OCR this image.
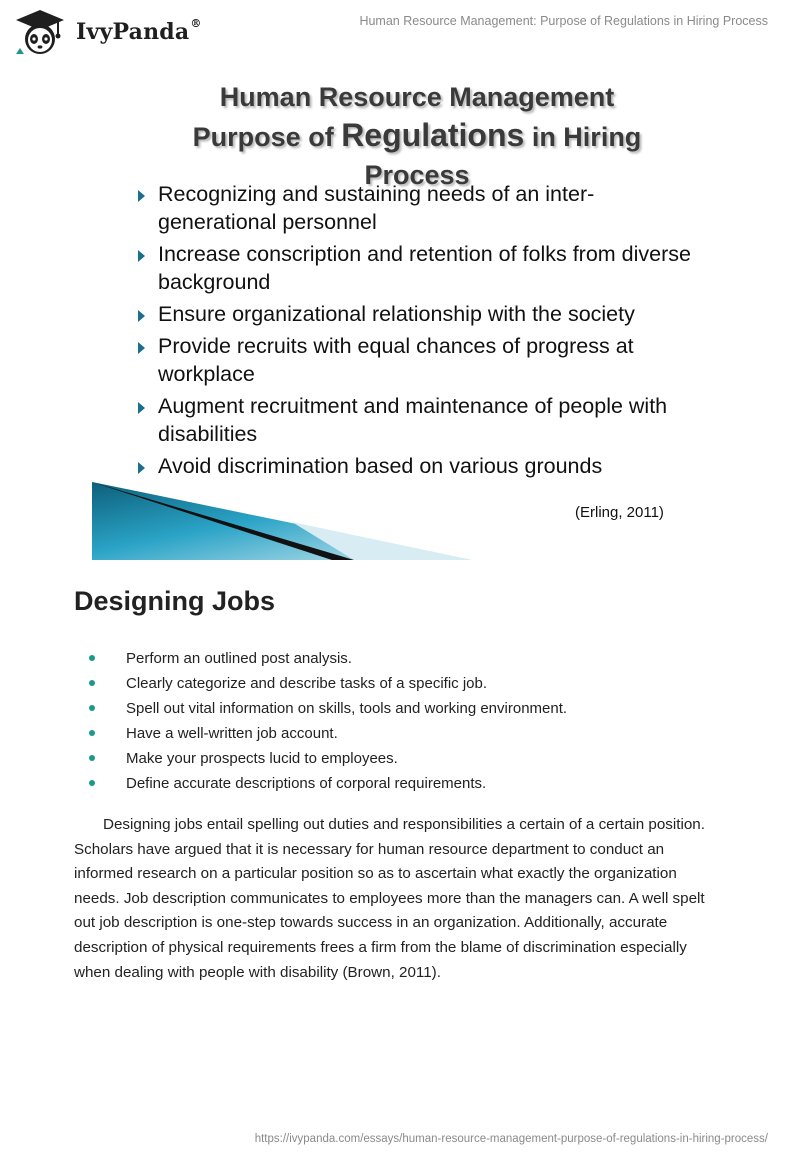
IvyPanda®	Human Resource Management: Purpose of Regulations in Hiring Process
Human Resource Management
Purpose of Regulations in Hiring
Process
Recognizing and sustaining needs of an inter-generational personnel
Increase conscription and retention of folks from diverse background
Ensure organizational relationship with the society
Provide recruits with equal chances of progress at workplace
Augment recruitment and maintenance of people with disabilities
Avoid discrimination based on various grounds
(Erling, 2011)
Designing Jobs
Perform an outlined post analysis.
Clearly categorize and describe tasks of a specific job.
Spell out vital information on skills, tools and working environment.
Have a well-written job account.
Make your prospects lucid to employees.
Define accurate descriptions of corporal requirements.

Designing jobs entail spelling out duties and responsibilities a certain of a certain position. Scholars have argued that it is necessary for human resource department to conduct an informed research on a particular position so as to ascertain what exactly the organization needs. Job description communicates to employees more than the managers can. A well spelt out job description is one-step towards success in an organization. Additionally, accurate description of physical requirements frees a firm from the blame of discrimination especially when dealing with people with disability (Brown, 2011).

https://ivypanda.com/essays/human-resource-management-purpose-of-regulations-in-hiring-process/
